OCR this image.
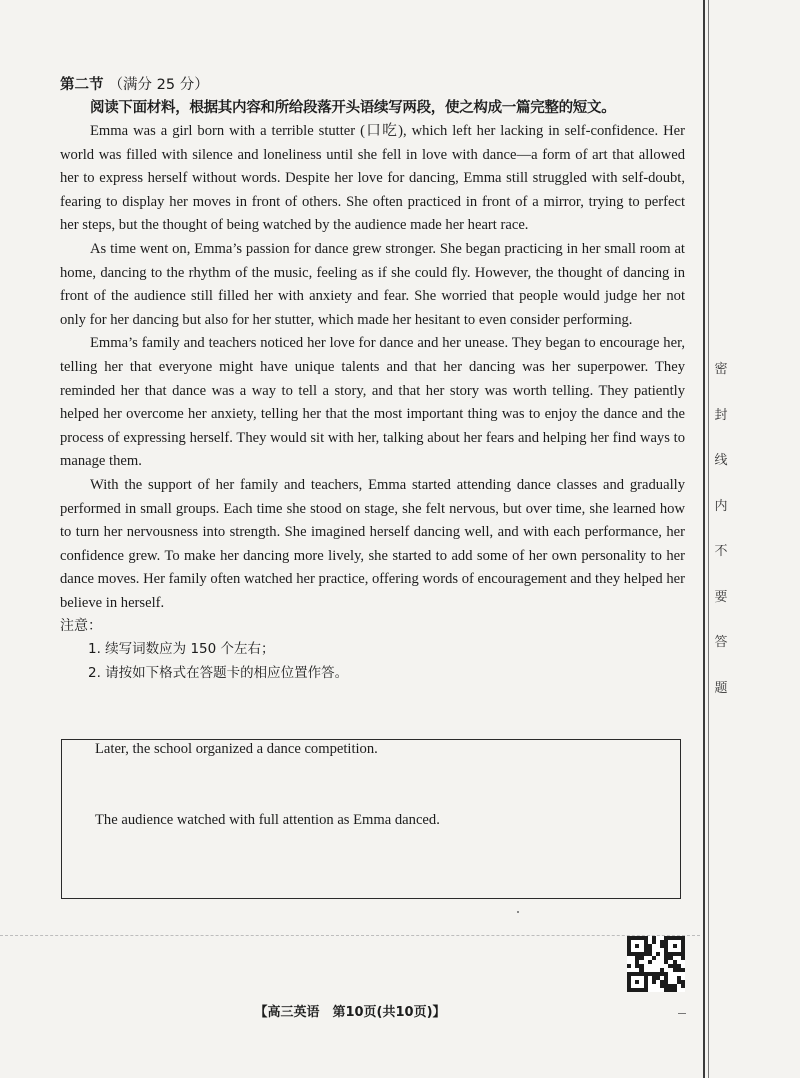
密
封
线
内
不
要
答
题

第二节 （满分 25 分）

阅读下面材料，根据其内容和所给段落开头语续写两段，使之构成一篇完整的短文。

Emma was a girl born with a terrible stutter (口吃), which left her lacking in self-confidence. Her world was filled with silence and loneliness until she fell in love with dance—a form of art that allowed her to express herself without words. Despite her love for dancing, Emma still struggled with self-doubt, fearing to display her moves in front of others. She often practiced in front of a mirror, trying to perfect her steps, but the thought of being watched by the audience made her heart race.

As time went on, Emma’s passion for dance grew stronger. She began practicing in her small room at home, dancing to the rhythm of the music, feeling as if she could fly. However, the thought of dancing in front of the audience still filled her with anxiety and fear. She worried that people would judge her not only for her dancing but also for her stutter, which made her hesitant to even consider performing.

Emma’s family and teachers noticed her love for dance and her unease. They began to encourage her, telling her that everyone might have unique talents and that her dancing was her superpower. They reminded her that dance was a way to tell a story, and that her story was worth telling. They patiently helped her overcome her anxiety, telling her that the most important thing was to enjoy the dance and the process of expressing herself. They would sit with her, talking about her fears and helping her find ways to manage them.

With the support of her family and teachers, Emma started attending dance classes and gradually performed in small groups. Each time she stood on stage, she felt nervous, but over time, she learned how to turn her nervousness into strength. She imagined herself dancing well, and with each performance, her confidence grew. To make her dancing more lively, she started to add some of her own personality to her dance moves. Her family often watched her practice, offering words of encouragement and they helped her believe in herself.

注意：

1. 续写词数应为 150 个左右；

2. 请按如下格式在答题卡的相应位置作答。

Later, the school organized a dance competition.

The audience watched with full attention as Emma danced.

【高三英语　第10页(共10页)】
